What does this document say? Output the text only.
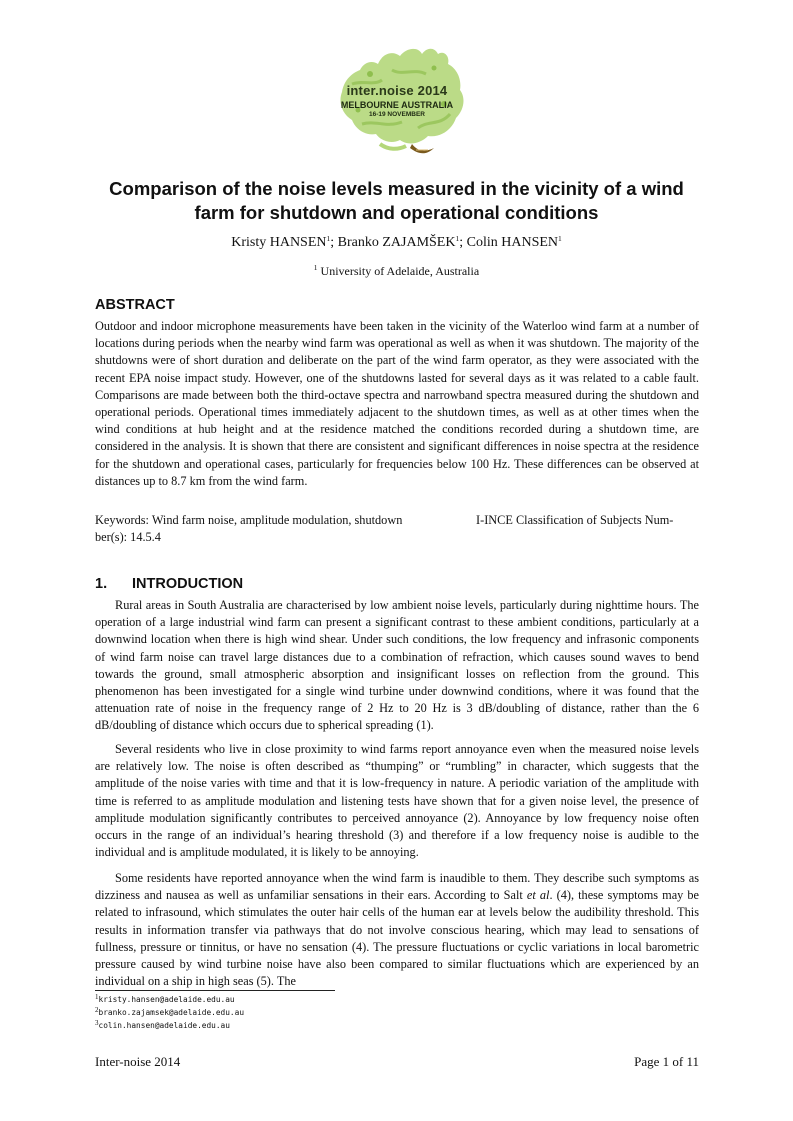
inter.noise 2014
MELBOURNE AUSTRALIA
16-19 NOVEMBER
Comparison of the noise levels measured in the vicinity of a wind farm for shutdown and operational conditions
Kristy HANSEN$^1$; Branko ZAJAMŠEK$^1$; Colin HANSEN$^1$
$^1$ University of Adelaide, Australia
ABSTRACT

Outdoor and indoor microphone measurements have been taken in the vicinity of the Waterloo wind farm at a number of locations during periods when the nearby wind farm was operational as well as when it was shutdown. The majority of the shutdowns were of short duration and deliberate on the part of the wind farm operator, as they were associated with the recent EPA noise impact study. However, one of the shutdowns lasted for several days as it was related to a cable fault. Comparisons are made between both the third-octave spectra and narrowband spectra measured during the shutdown and operational periods. Operational times immediately adjacent to the shutdown times, as well as at other times when the wind conditions at hub height and at the residence matched the conditions recorded during a shutdown time, are considered in the analysis. It is shown that there are consistent and significant differences in noise spectra at the residence for the shutdown and operational cases, particularly for frequencies below 100 Hz. These differences can be observed at distances up to 8.7 km from the wind farm.

Keywords: Wind farm noise, amplitude modulation, shutdown	I-INCE Classification of Subjects Num-
ber(s): 14.5.4
1. INTRODUCTION

Rural areas in South Australia are characterised by low ambient noise levels, particularly during nighttime hours. The operation of a large industrial wind farm can present a significant contrast to these ambient conditions, particularly at a downwind location when there is high wind shear. Under such conditions, the low frequency and infrasonic components of wind farm noise can travel large distances due to a combination of refraction, which causes sound waves to bend towards the ground, small atmospheric absorption and insignificant losses on reflection from the ground. This phenomenon has been investigated for a single wind turbine under downwind conditions, where it was found that the attenuation rate of noise in the frequency range of 2 Hz to 20 Hz is 3 dB/doubling of distance, rather than the 6 dB/doubling of distance which occurs due to spherical spreading (1).

Several residents who live in close proximity to wind farms report annoyance even when the measured noise levels are relatively low. The noise is often described as “thumping” or “rumbling” in character, which suggests that the amplitude of the noise varies with time and that it is low-frequency in nature. A periodic variation of the amplitude with time is referred to as amplitude modulation and listening tests have shown that for a given noise level, the presence of amplitude modulation significantly contributes to perceived annoyance (2). Annoyance by low frequency noise often occurs in the range of an individual’s hearing threshold (3) and therefore if a low frequency noise is audible to the individual and is amplitude modulated, it is likely to be annoying.

Some residents have reported annoyance when the wind farm is inaudible to them. They describe such symptoms as dizziness and nausea as well as unfamiliar sensations in their ears. According to Salt et al. (4), these symptoms may be related to infrasound, which stimulates the outer hair cells of the human ear at levels below the audibility threshold. This results in information transfer via pathways that do not involve conscious hearing, which may lead to sensations of fullness, pressure or tinnitus, or have no sensation (4). The pressure fluctuations or cyclic variations in local barometric pressure caused by wind turbine noise have also been compared to similar fluctuations which are experienced by an individual on a ship in high seas (5). The

$^1$kristy.hansen@adelaide.edu.au
$^2$branko.zajamsek@adelaide.edu.au
$^3$colin.hansen@adelaide.edu.au
Inter-noise 2014	Page 1 of 11
